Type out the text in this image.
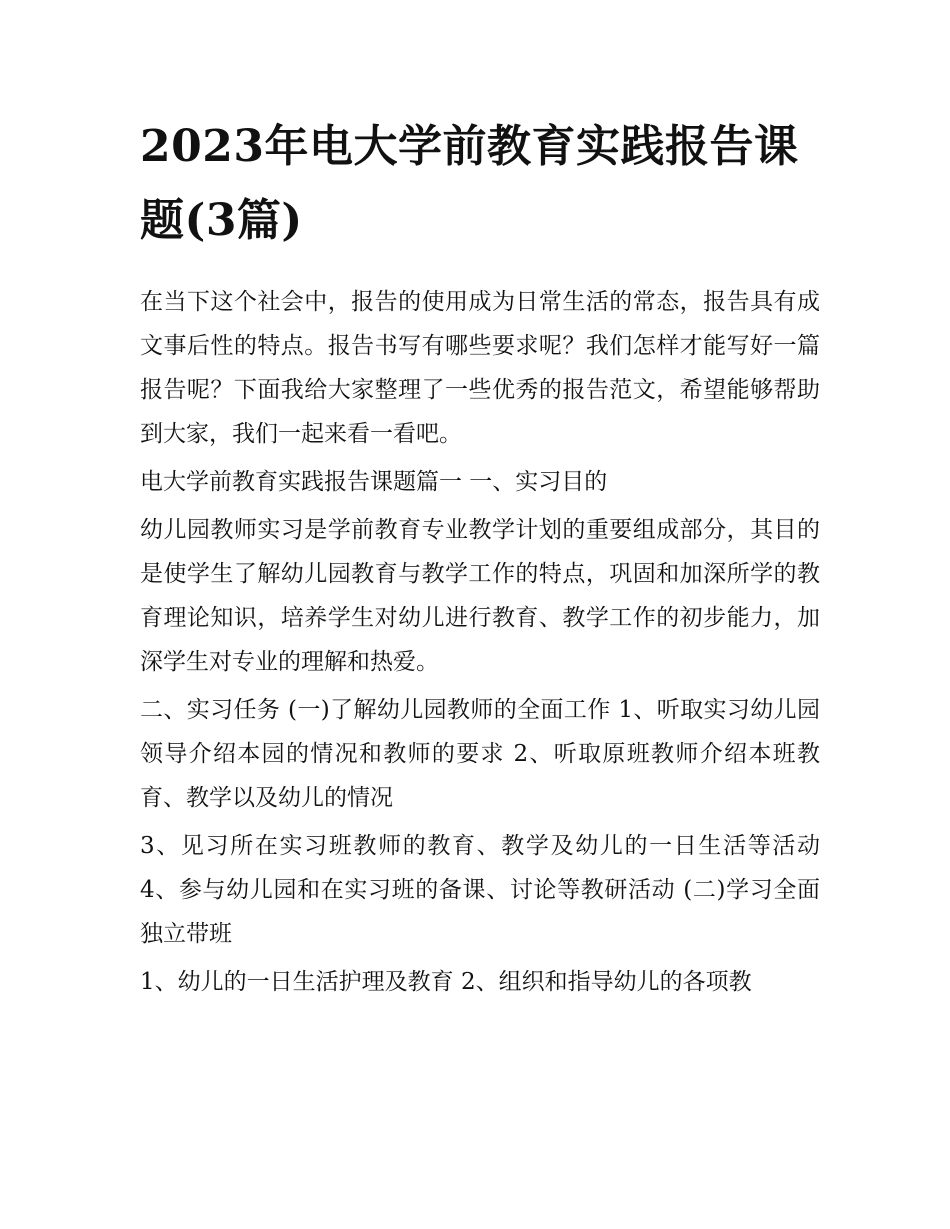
2023年电大学前教育实践报告课题(3篇)

在当下这个社会中，报告的使用成为日常生活的常态，报告具有成文事后性的特点。报告书写有哪些要求呢？我们怎样才能写好一篇报告呢？下面我给大家整理了一些优秀的报告范文，希望能够帮助到大家，我们一起来看一看吧。

电大学前教育实践报告课题篇一 一、实习目的

幼儿园教师实习是学前教育专业教学计划的重要组成部分，其目的是使学生了解幼儿园教育与教学工作的特点，巩固和加深所学的教育理论知识，培养学生对幼儿进行教育、教学工作的初步能力，加深学生对专业的理解和热爱。

二、实习任务 (一)了解幼儿园教师的全面工作 1、听取实习幼儿园领导介绍本园的情况和教师的要求 2、听取原班教师介绍本班教育、教学以及幼儿的情况

3、见习所在实习班教师的教育、教学及幼儿的一日生活等活动 4、参与幼儿园和在实习班的备课、讨论等教研活动 (二)学习全面独立带班

1、幼儿的一日生活护理及教育 2、组织和指导幼儿的各项教
